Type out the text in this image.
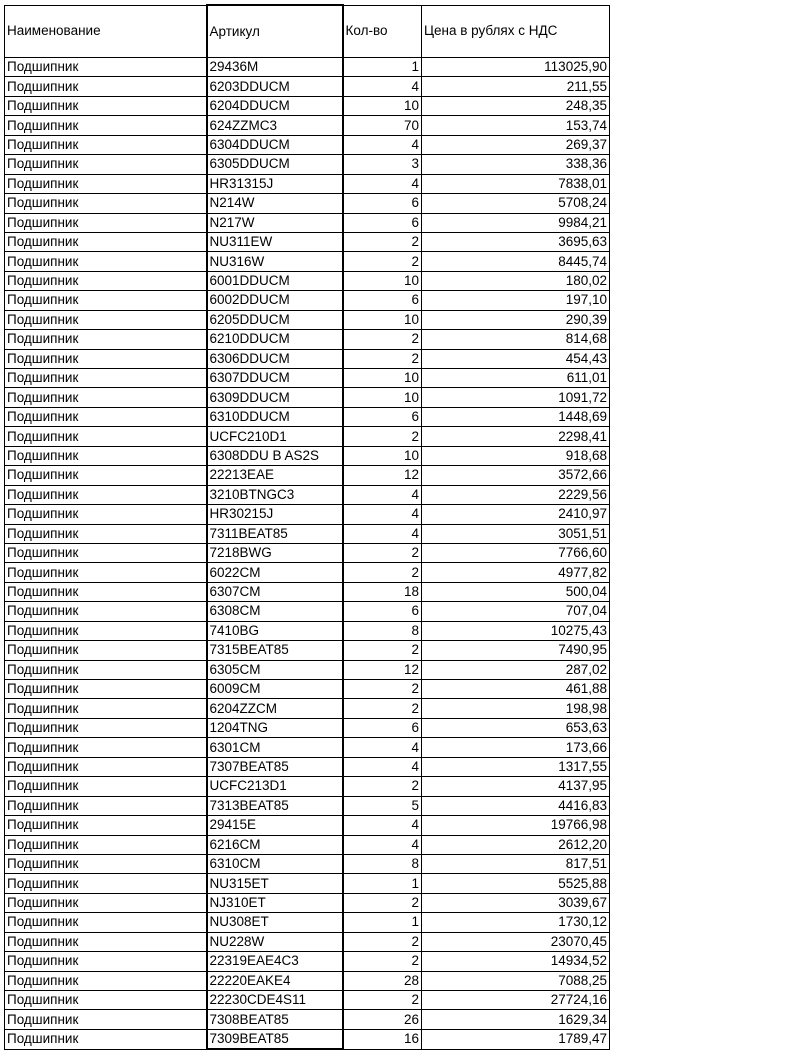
Наименование	Артикул	Кол-во	Цена в рублях с НДС
Подшипник	29436M	1	113025,90
Подшипник	6203DDUCM	4	211,55
Подшипник	6204DDUCM	10	248,35
Подшипник	624ZZMC3	70	153,74
Подшипник	6304DDUCM	4	269,37
Подшипник	6305DDUCM	3	338,36
Подшипник	HR31315J	4	7838,01
Подшипник	N214W	6	5708,24
Подшипник	N217W	6	9984,21
Подшипник	NU311EW	2	3695,63
Подшипник	NU316W	2	8445,74
Подшипник	6001DDUCM	10	180,02
Подшипник	6002DDUCM	6	197,10
Подшипник	6205DDUCM	10	290,39
Подшипник	6210DDUCM	2	814,68
Подшипник	6306DDUCM	2	454,43
Подшипник	6307DDUCM	10	611,01
Подшипник	6309DDUCM	10	1091,72
Подшипник	6310DDUCM	6	1448,69
Подшипник	UCFC210D1	2	2298,41
Подшипник	6308DDU B AS2S	10	918,68
Подшипник	22213EAE	12	3572,66
Подшипник	3210BTNGC3	4	2229,56
Подшипник	HR30215J	4	2410,97
Подшипник	7311BEAT85	4	3051,51
Подшипник	7218BWG	2	7766,60
Подшипник	6022CM	2	4977,82
Подшипник	6307CM	18	500,04
Подшипник	6308CM	6	707,04
Подшипник	7410BG	8	10275,43
Подшипник	7315BEAT85	2	7490,95
Подшипник	6305CM	12	287,02
Подшипник	6009CM	2	461,88
Подшипник	6204ZZCM	2	198,98
Подшипник	1204TNG	6	653,63
Подшипник	6301CM	4	173,66
Подшипник	7307BEAT85	4	1317,55
Подшипник	UCFC213D1	2	4137,95
Подшипник	7313BEAT85	5	4416,83
Подшипник	29415E	4	19766,98
Подшипник	6216CM	4	2612,20
Подшипник	6310CM	8	817,51
Подшипник	NU315ET	1	5525,88
Подшипник	NJ310ET	2	3039,67
Подшипник	NU308ET	1	1730,12
Подшипник	NU228W	2	23070,45
Подшипник	22319EAE4C3	2	14934,52
Подшипник	22220EAKE4	28	7088,25
Подшипник	22230CDE4S11	2	27724,16
Подшипник	7308BEAT85	26	1629,34
Подшипник	7309BEAT85	16	1789,47
